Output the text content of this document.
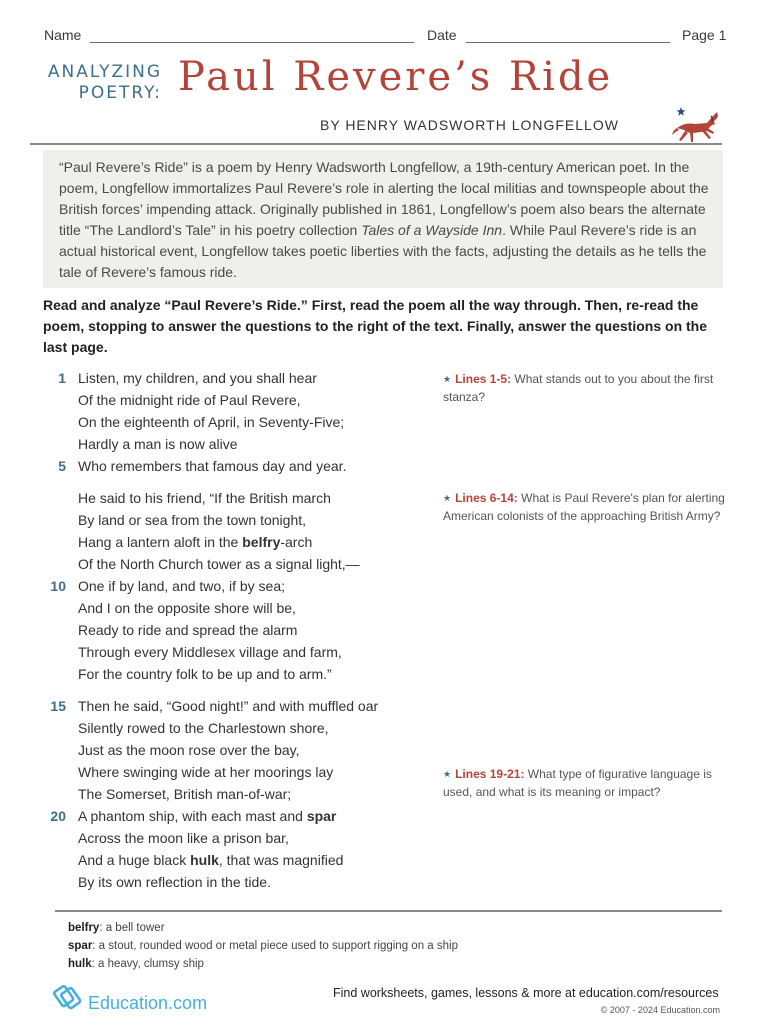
Name	Date	Page 1
ANALYZING
POETRY: Paul Revere’s Ride
BY HENRY WADSWORTH LONGFELLOW
“Paul Revere’s Ride” is a poem by Henry Wadsworth Longfellow, a 19th-century American poet. In the poem, Longfellow immortalizes Paul Revere’s role in alerting the local militias and townspeople about the British forces’ impending attack. Originally published in 1861, Longfellow’s poem also bears the alternate title “The Landlord’s Tale” in his poetry collection Tales of a Wayside Inn. While Paul Revere’s ride is an actual historical event, Longfellow takes poetic liberties with the facts, adjusting the details as he tells the tale of Revere’s famous ride.
Read and analyze “Paul Revere’s Ride.” First, read the poem all the way through. Then, re-read the poem, stopping to answer the questions to the right of the text. Finally, answer the questions on the last page.
1 Listen, my children, and you shall hear
Of the midnight ride of Paul Revere,
On the eighteenth of April, in Seventy-Five;
Hardly a man is now alive
5 Who remembers that famous day and year.
He said to his friend, “If the British march
By land or sea from the town tonight,
Hang a lantern aloft in the belfry-arch
Of the North Church tower as a signal light,—
10 One if by land, and two, if by sea;
And I on the opposite shore will be,
Ready to ride and spread the alarm
Through every Middlesex village and farm,
For the country folk to be up and to arm.”
15 Then he said, “Good night!” and with muffled oar
Silently rowed to the Charlestown shore,
Just as the moon rose over the bay,
Where swinging wide at her moorings lay
The Somerset, British man-of-war;
20 A phantom ship, with each mast and spar
Across the moon like a prison bar,
And a huge black hulk, that was magnified
By its own reflection in the tide.
★ Lines 1-5: What stands out to you about the first stanza?
★ Lines 6-14: What is Paul Revere's plan for alerting American colonists of the approaching British Army?
★ Lines 19-21: What type of figurative language is used, and what is its meaning or impact?
belfry: a bell tower
spar: a stout, rounded wood or metal piece used to support rigging on a ship
hulk: a heavy, clumsy ship
Education.com	Find worksheets, games, lessons & more at education.com/resources
© 2007 - 2024 Education.com
